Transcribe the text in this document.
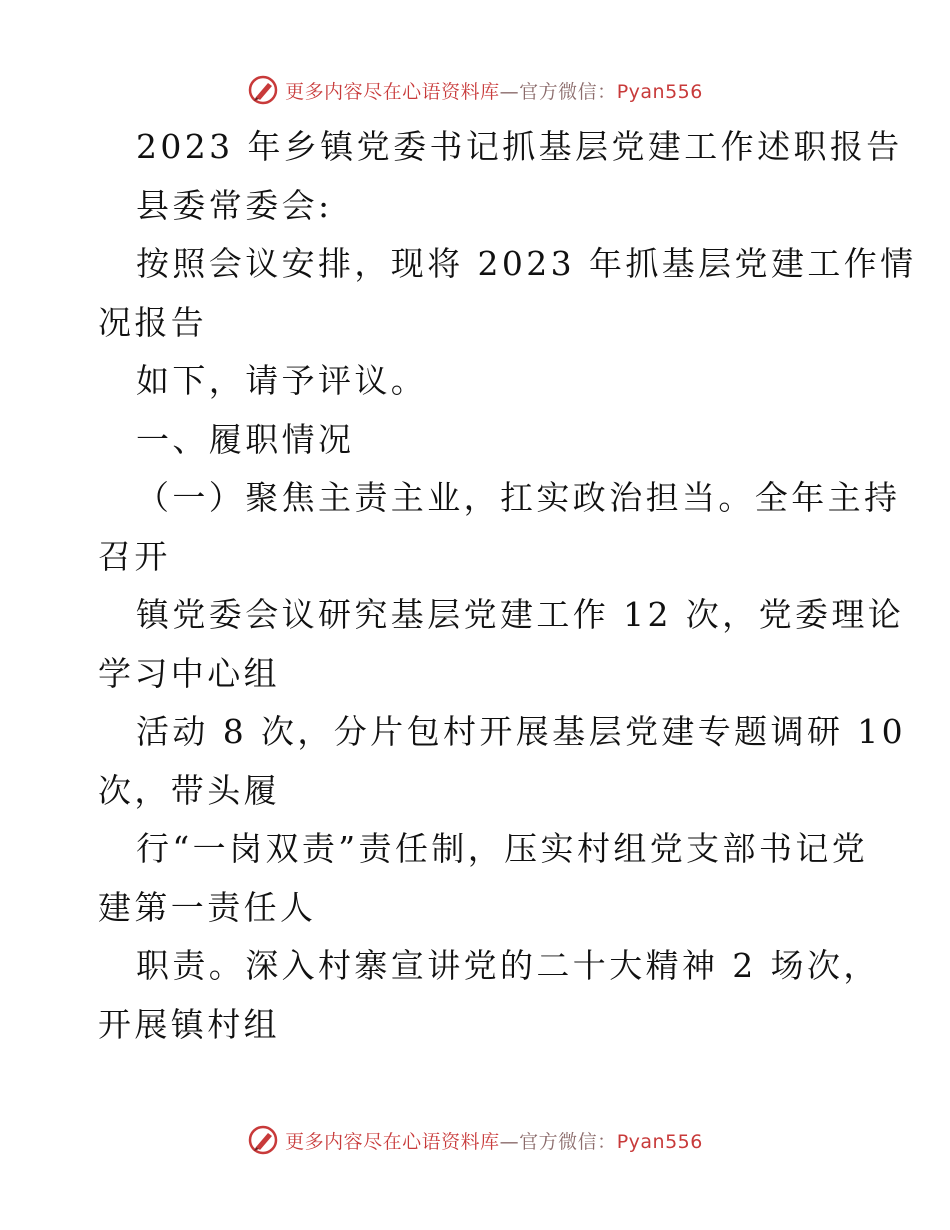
更多内容尽在心语资料库—官方微信：Pyan556
2023 年乡镇党委书记抓基层党建工作述职报告
县委常委会:
按照会议安排，现将 2023 年抓基层党建工作情
况报告
如下，请予评议。
一、履职情况
（一）聚焦主责主业，扛实政治担当。全年主持
召开
镇党委会议研究基层党建工作 12 次，党委理论
学习中心组
活动 8 次，分片包村开展基层党建专题调研 10
次，带头履
行“一岗双责”责任制，压实村组党支部书记党
建第一责任人
职责。深入村寨宣讲党的二十大精神 2 场次，
开展镇村组
更多内容尽在心语资料库—官方微信：Pyan556
